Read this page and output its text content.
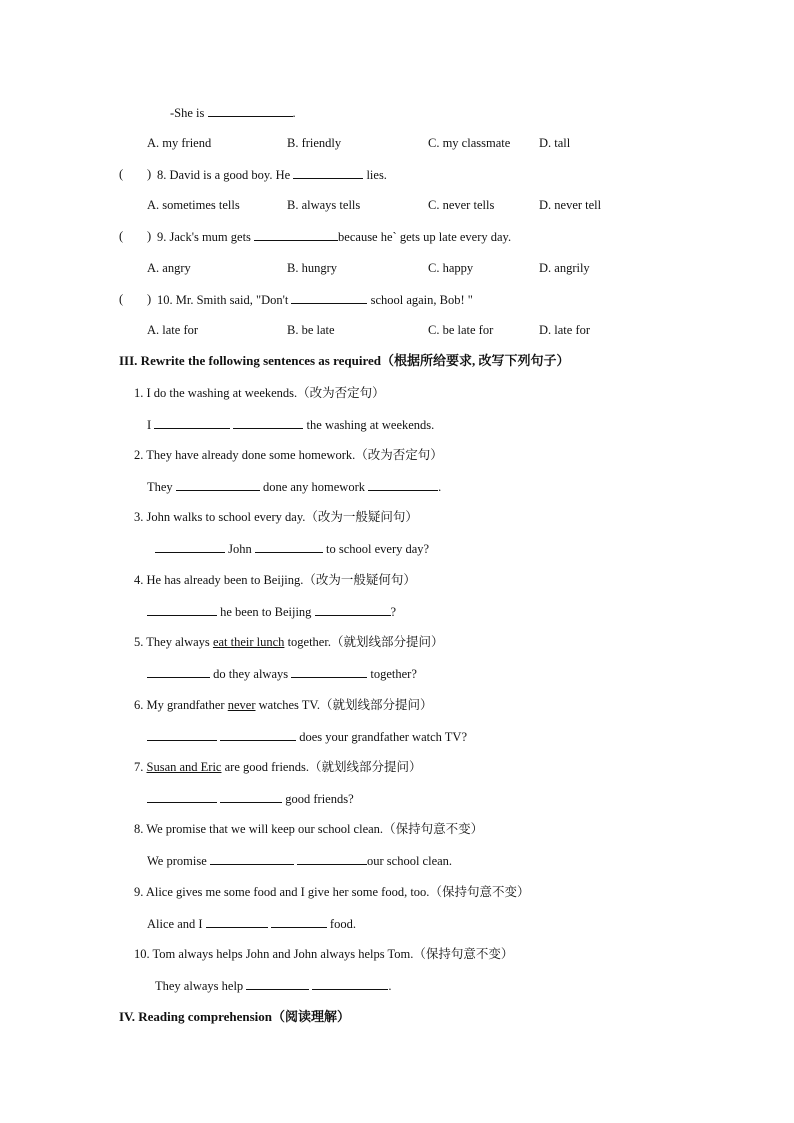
-She is	.
A. my friend	B. friendly	C. my classmate D. tall
( ) 8. David is a good boy. He	lies.
A. sometimes tells	B. always tells	C. never tells	D. never tell
( ) 9. Jack's mum gets	because he` gets up late every day.
A. angry	B. hungry	C. happy	D. angrily
( ) 10. Mr. Smith said, "Don't	school again, Bob! "
A. late for	B. be late	C. be late for	D. late for
III. Rewrite the following sentences as required（根据所给要求, 改写下列句子）
1. I do the washing at weekends.（改为否定句）
I	the washing at weekends.
2. They have already done some homework.（改为否定句）
They	done any homework	.
3. John walks to school every day.（改为一般疑问句）
John	to school every day?
4. He has already been to Beijing.（改为一般疑何句）
he been to Beijing	?
5. They always eat their lunch together.（就划线部分提问）
do they always	together?
6. My grandfather never watches TV.（就划线部分提问）
does your grandfather watch TV?
7. Susan and Eric are good friends.（就划线部分提问）
good friends?
8. We promise that we will keep our school clean.（保持句意不变）
We promise	our school clean.
9. Alice gives me some food and I give her some food, too.（保持句意不变）
Alice and I	food.
10. Tom always helps John and John always helps Tom.（保持句意不变）
They always help	.
IV. Reading comprehension（阅读理解）
